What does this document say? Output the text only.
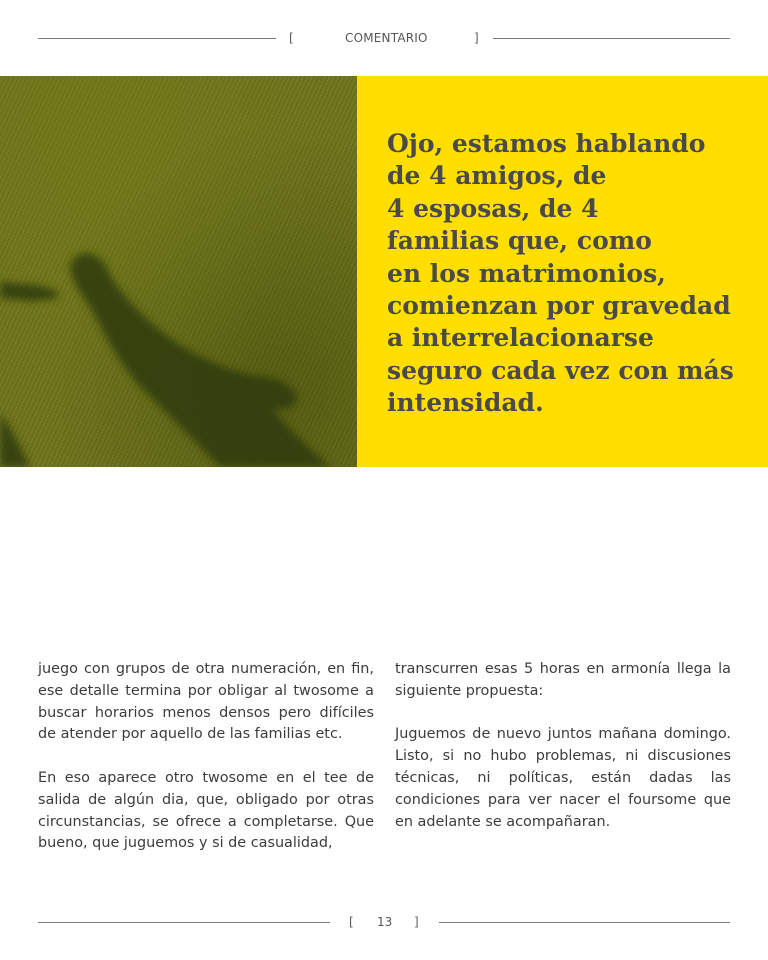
[	COMENTARIO	]

Ojo, estamos hablando
de 4 amigos, de
4 esposas, de 4
familias que, como
en los matrimonios,
comienzan por gravedad
a interrelacionarse
seguro cada vez con más
intensidad.

juego con grupos de otra numeración, en fin, ese detalle termina por obligar al twosome a buscar horarios menos densos pero difíciles de atender por aquello de las familias etc.

En eso aparece otro twosome en el tee de salida de algún dia, que, obligado por otras circunstancias, se ofrece a completarse. Que bueno, que juguemos y si de casualidad,

transcurren esas 5 horas en armonía llega la siguiente propuesta:

Juguemos de nuevo juntos mañana domingo. Listo, si no hubo problemas, ni discusiones técnicas, ni políticas, están dadas las condiciones para ver nacer el foursome que en adelante se acompañaran.

[ 13 ]
